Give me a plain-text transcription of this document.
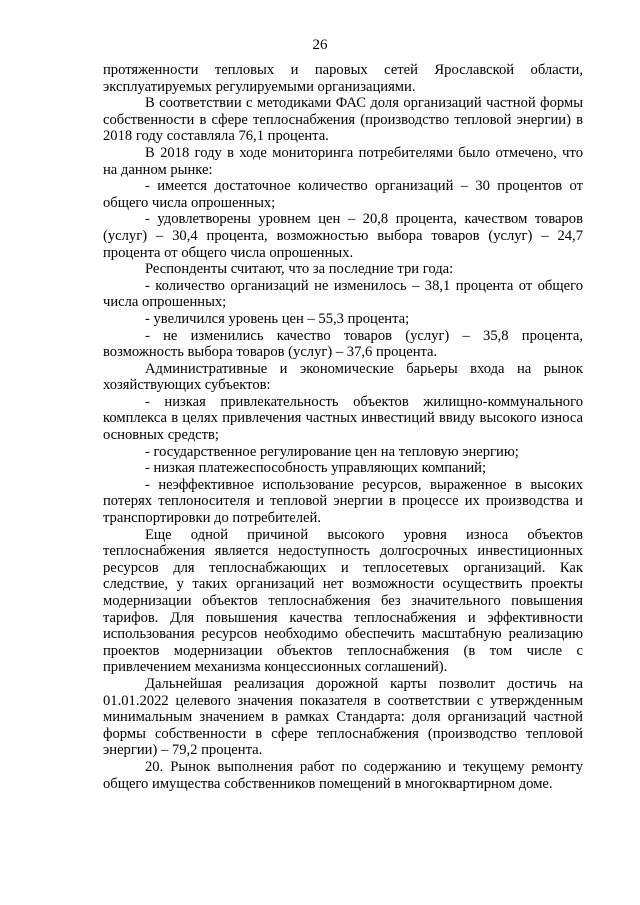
26

протяженности тепловых и паровых сетей Ярославской области, эксплуатируемых регулируемыми организациями.

В соответствии с методиками ФАС доля организаций частной формы собственности в сфере теплоснабжения (производство тепловой энергии) в 2018 году составляла 76,1 процента.

В 2018 году в ходе мониторинга потребителями было отмечено, что на данном рынке:

- имеется достаточное количество организаций – 30 процентов от общего числа опрошенных;

- удовлетворены уровнем цен – 20,8 процента, качеством товаров (услуг) – 30,4 процента, возможностью выбора товаров (услуг) – 24,7 процента от общего числа опрошенных.

Респонденты считают, что за последние три года:

- количество организаций не изменилось – 38,1 процента от общего числа опрошенных;

- увеличился уровень цен – 55,3 процента;

- не изменились качество товаров (услуг) – 35,8 процента, возможность выбора товаров (услуг) – 37,6 процента.

Административные и экономические барьеры входа на рынок хозяйствующих субъектов:

- низкая привлекательность объектов жилищно-коммунального комплекса в целях привлечения частных инвестиций ввиду высокого износа основных средств;

- государственное регулирование цен на тепловую энергию;

- низкая платежеспособность управляющих компаний;

- неэффективное использование ресурсов, выраженное в высоких потерях теплоносителя и тепловой энергии в процессе их производства и транспортировки до потребителей.

Еще одной причиной высокого уровня износа объектов теплоснабжения является недоступность долгосрочных инвестиционных ресурсов для теплоснабжающих и теплосетевых организаций. Как следствие, у таких организаций нет возможности осуществить проекты модернизации объектов теплоснабжения без значительного повышения тарифов. Для повышения качества теплоснабжения и эффективности использования ресурсов необходимо обеспечить масштабную реализацию проектов модернизации объектов теплоснабжения (в том числе с привлечением механизма концессионных соглашений).

Дальнейшая реализация дорожной карты позволит достичь на 01.01.2022 целевого значения показателя в соответствии с утвержденным минимальным значением в рамках Стандарта: доля организаций частной формы собственности в сфере теплоснабжения (производство тепловой энергии) – 79,2 процента.

20. Рынок выполнения работ по содержанию и текущему ремонту общего имущества собственников помещений в многоквартирном доме.
